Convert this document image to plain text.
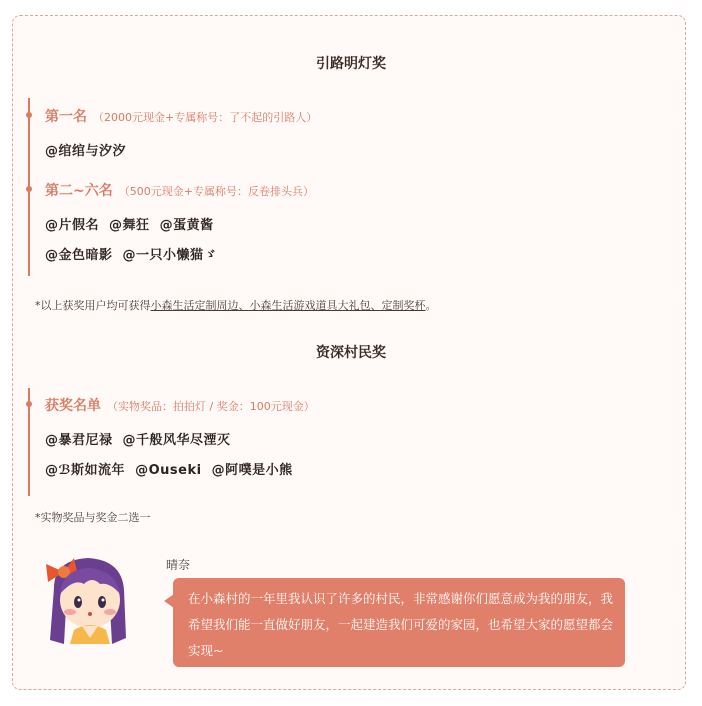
引路明灯奖
第一名 （2000元现金+专属称号：了不起的引路人）
@绾绾与汐汐
第二~六名 （500元现金+专属称号：反卷排头兵）
@片假名  @舞狂  @蛋黄酱
@金色暗影  @一只小懒猫ゞ
*以上获奖用户均可获得小森生活定制周边、小森生活游戏道具大礼包、定制奖杯。
资深村民奖
获奖名单 （实物奖品：拍拍灯 / 奖金：100元现金）
@暴君尼禄  @千般风华尽湮灭
@ℬ斯如流年  @Ouseki  @阿噗是小熊
*实物奖品与奖金二选一
晴奈
在小森村的一年里我认识了许多的村民，非常感谢你们愿意成为我的朋友，我希望我们能一直做好朋友，一起建造我们可爱的家园，也希望大家的愿望都会实现~
